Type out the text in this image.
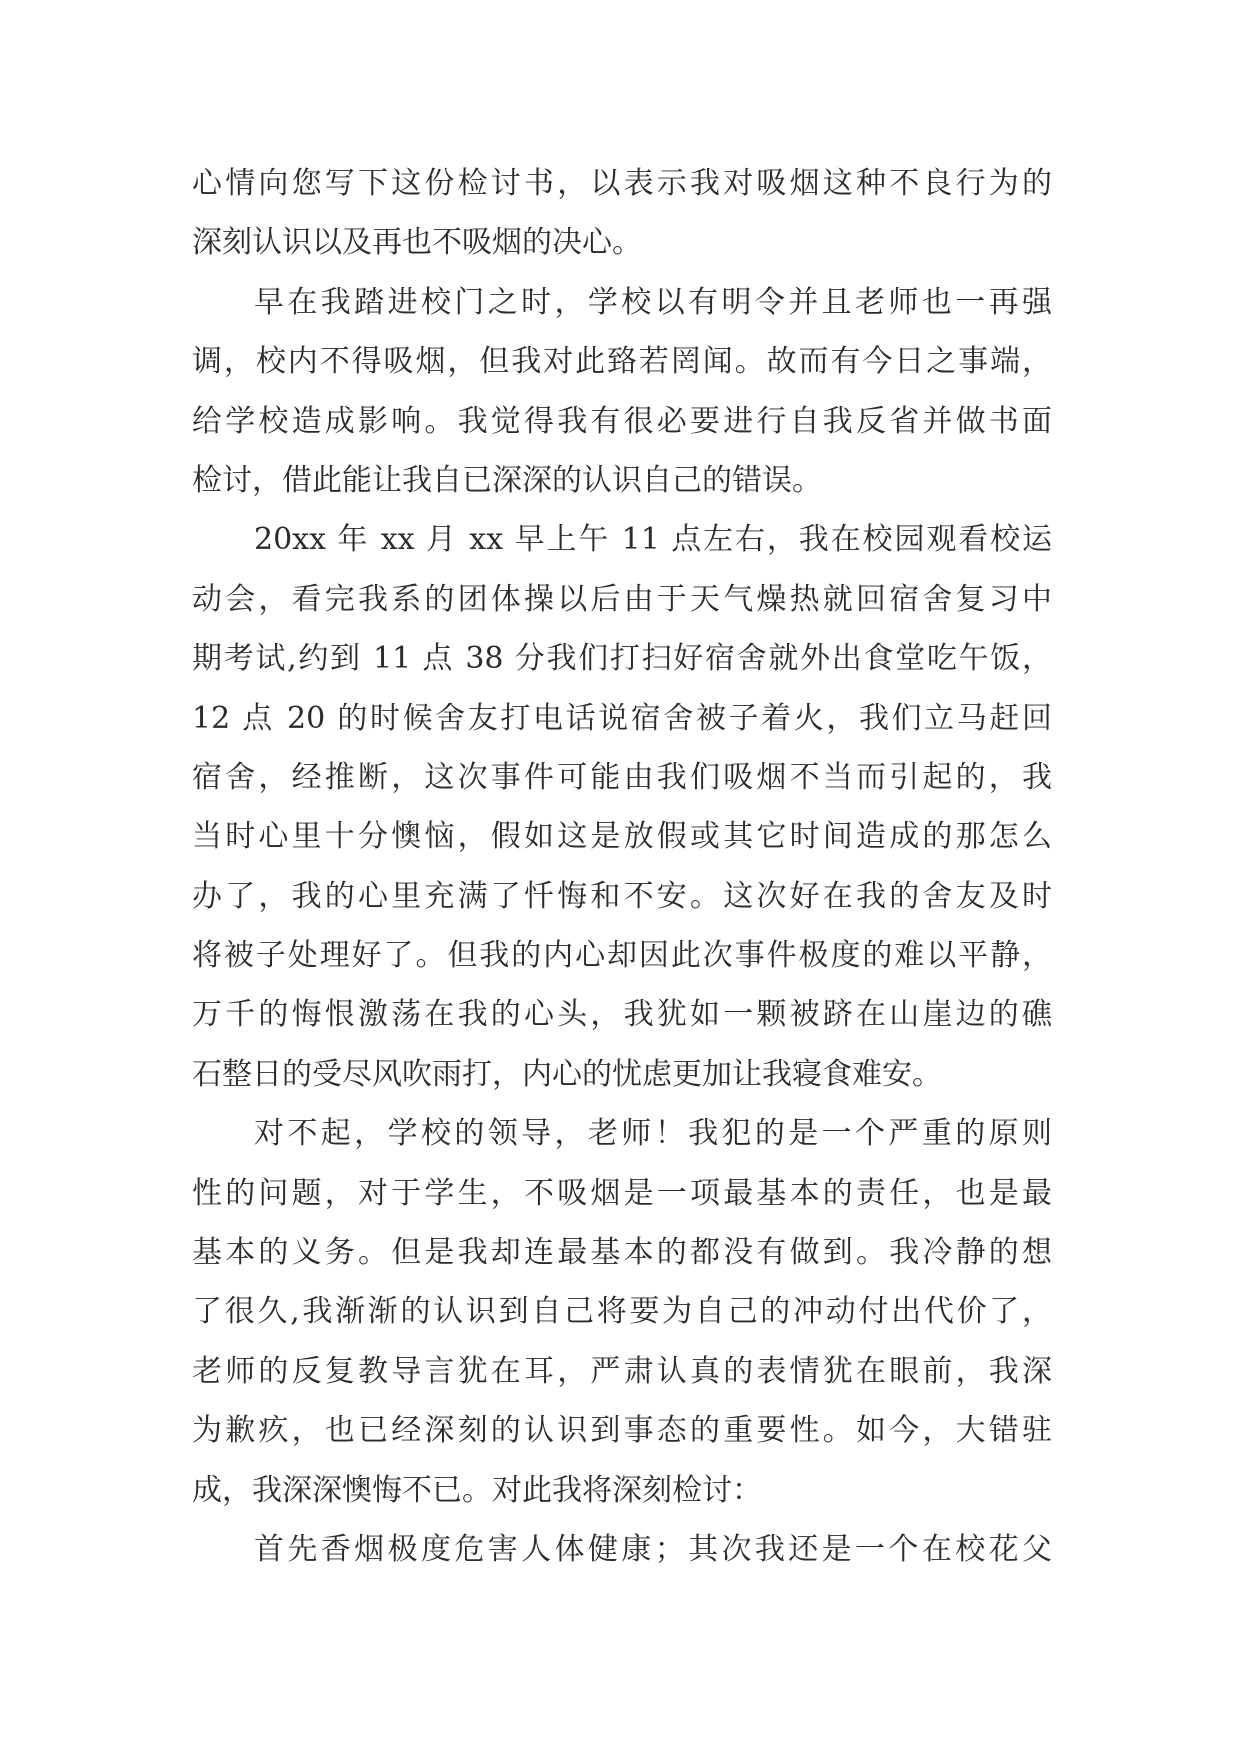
心情向您写下这份检讨书，以表示我对吸烟这种不良行为的
深刻认识以及再也不吸烟的决心。
早在我踏进校门之时，学校以有明令并且老师也一再强
调，校内不得吸烟，但我对此臵若罔闻。故而有今日之事端，
给学校造成影响。我觉得我有很必要进行自我反省并做书面
检讨，借此能让我自已深深的认识自己的错误。
20xx 年 xx 月 xx 早上午 11 点左右，我在校园观看校运
动会，看完我系的团体操以后由于天气燥热就回宿舍复习中
期考试,约到 11 点 38 分我们打扫好宿舍就外出食堂吃午饭，
12 点 20 的时候舍友打电话说宿舍被子着火，我们立马赶回
宿舍，经推断，这次事件可能由我们吸烟不当而引起的，我
当时心里十分懊恼，假如这是放假或其它时间造成的那怎么
办了，我的心里充满了忏悔和不安。这次好在我的舍友及时
将被子处理好了。但我的内心却因此次事件极度的难以平静，
万千的悔恨激荡在我的心头，我犹如一颗被跻在山崖边的礁
石整日的受尽风吹雨打，内心的忧虑更加让我寝食难安。
对不起，学校的领导，老师！我犯的是一个严重的原则
性的问题，对于学生，不吸烟是一项最基本的责任，也是最
基本的义务。但是我却连最基本的都没有做到。我冷静的想
了很久,我渐渐的认识到自己将要为自己的冲动付出代价了，
老师的反复教导言犹在耳，严肃认真的表情犹在眼前，我深
为歉疚，也已经深刻的认识到事态的重要性。如今，大错驻
成，我深深懊悔不已。对此我将深刻检讨：
首先香烟极度危害人体健康；其次我还是一个在校花父
